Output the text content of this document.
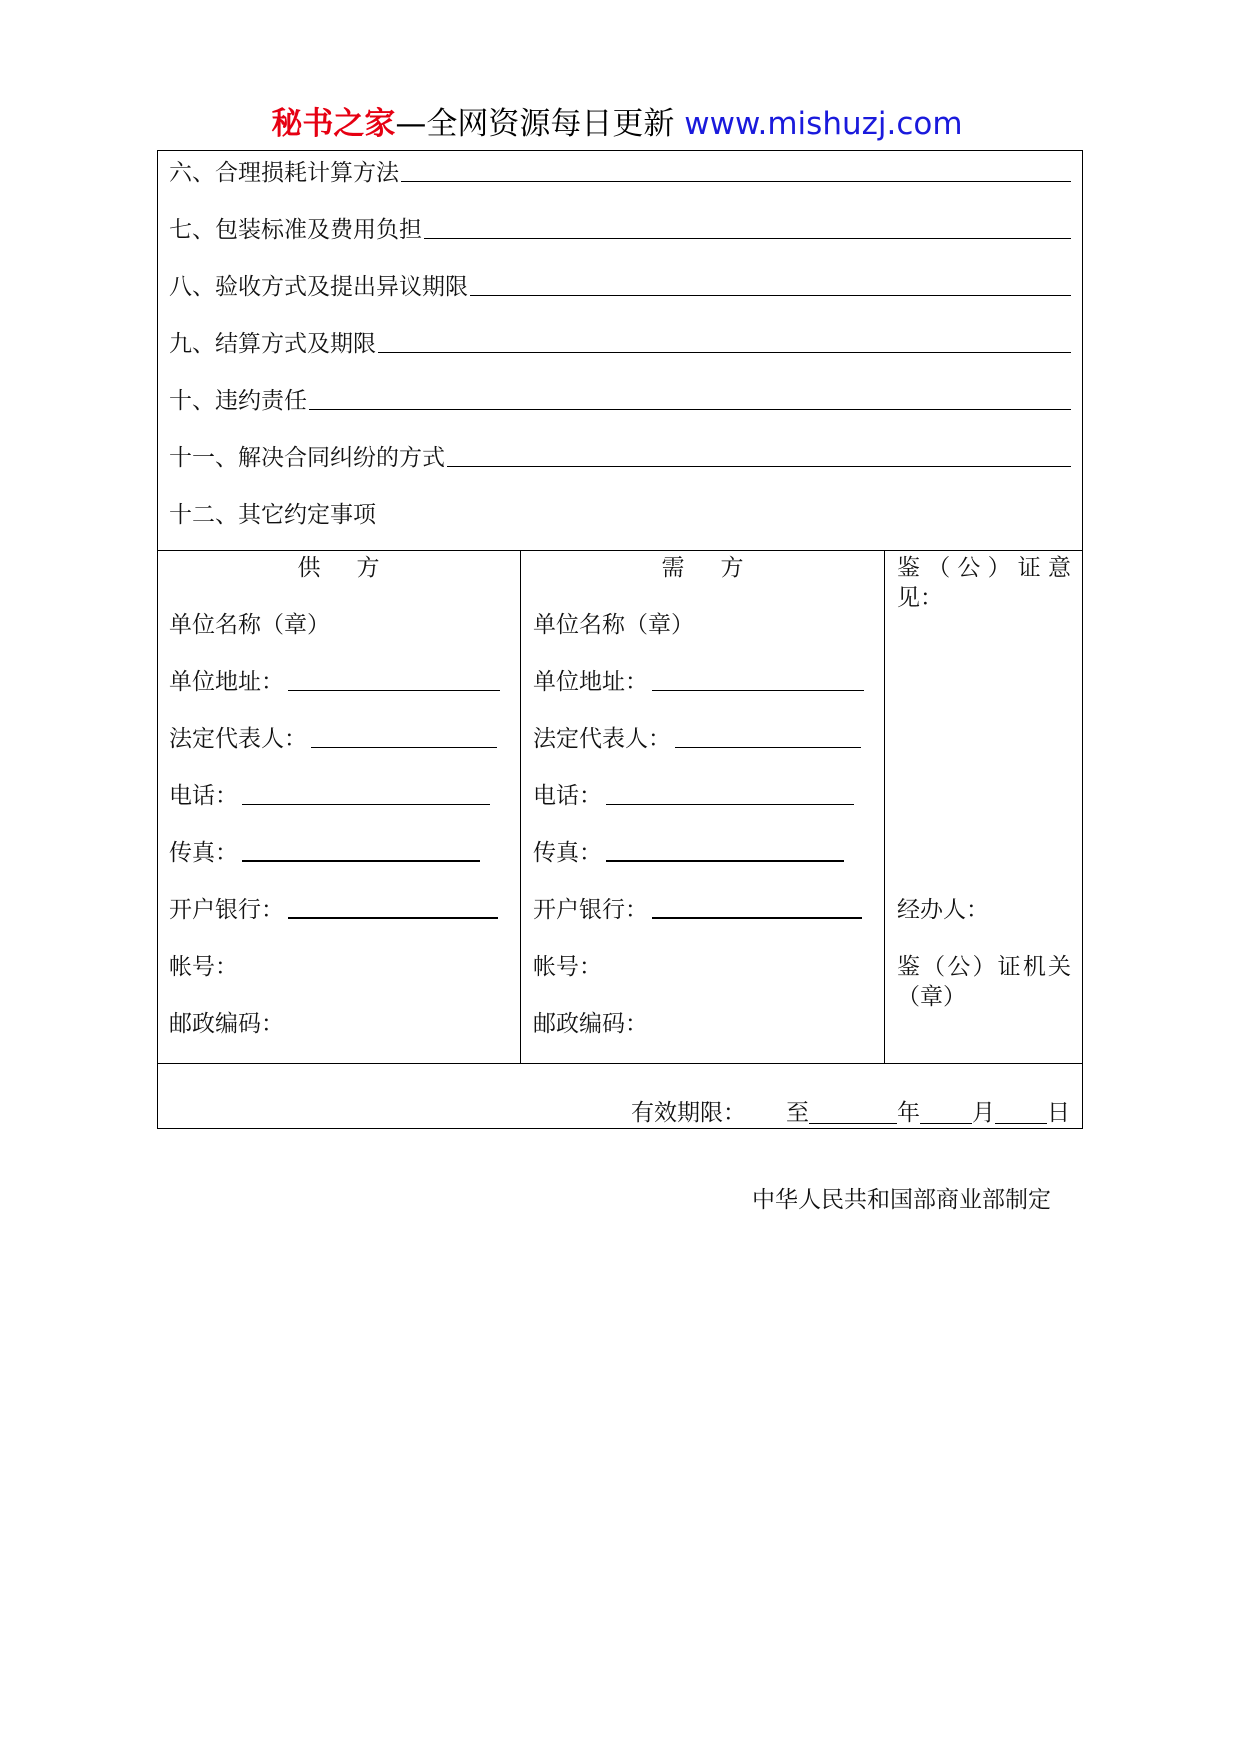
秘书之家—全网资源每日更新 www.mishuzj.com
六、合理损耗计算方法
七、包装标准及费用负担
八、验收方式及提出异议期限
九、结算方式及期限
十、违约责任
十一、解决合同纠纷的方式
十二、其它约定事项
供 方
单位名称（章）
单位地址：
法定代表人：
电话：
传真：
开户银行：
帐号：
邮政编码：
需 方
单位名称（章）
单位地址：
法定代表人：
电话：
传真：
开户银行：
帐号：
邮政编码：
鉴（公）证意见：
经办人：
鉴（公）证机关（章）
有效期限： 至	年 月 日
中华人民共和国部商业部制定
